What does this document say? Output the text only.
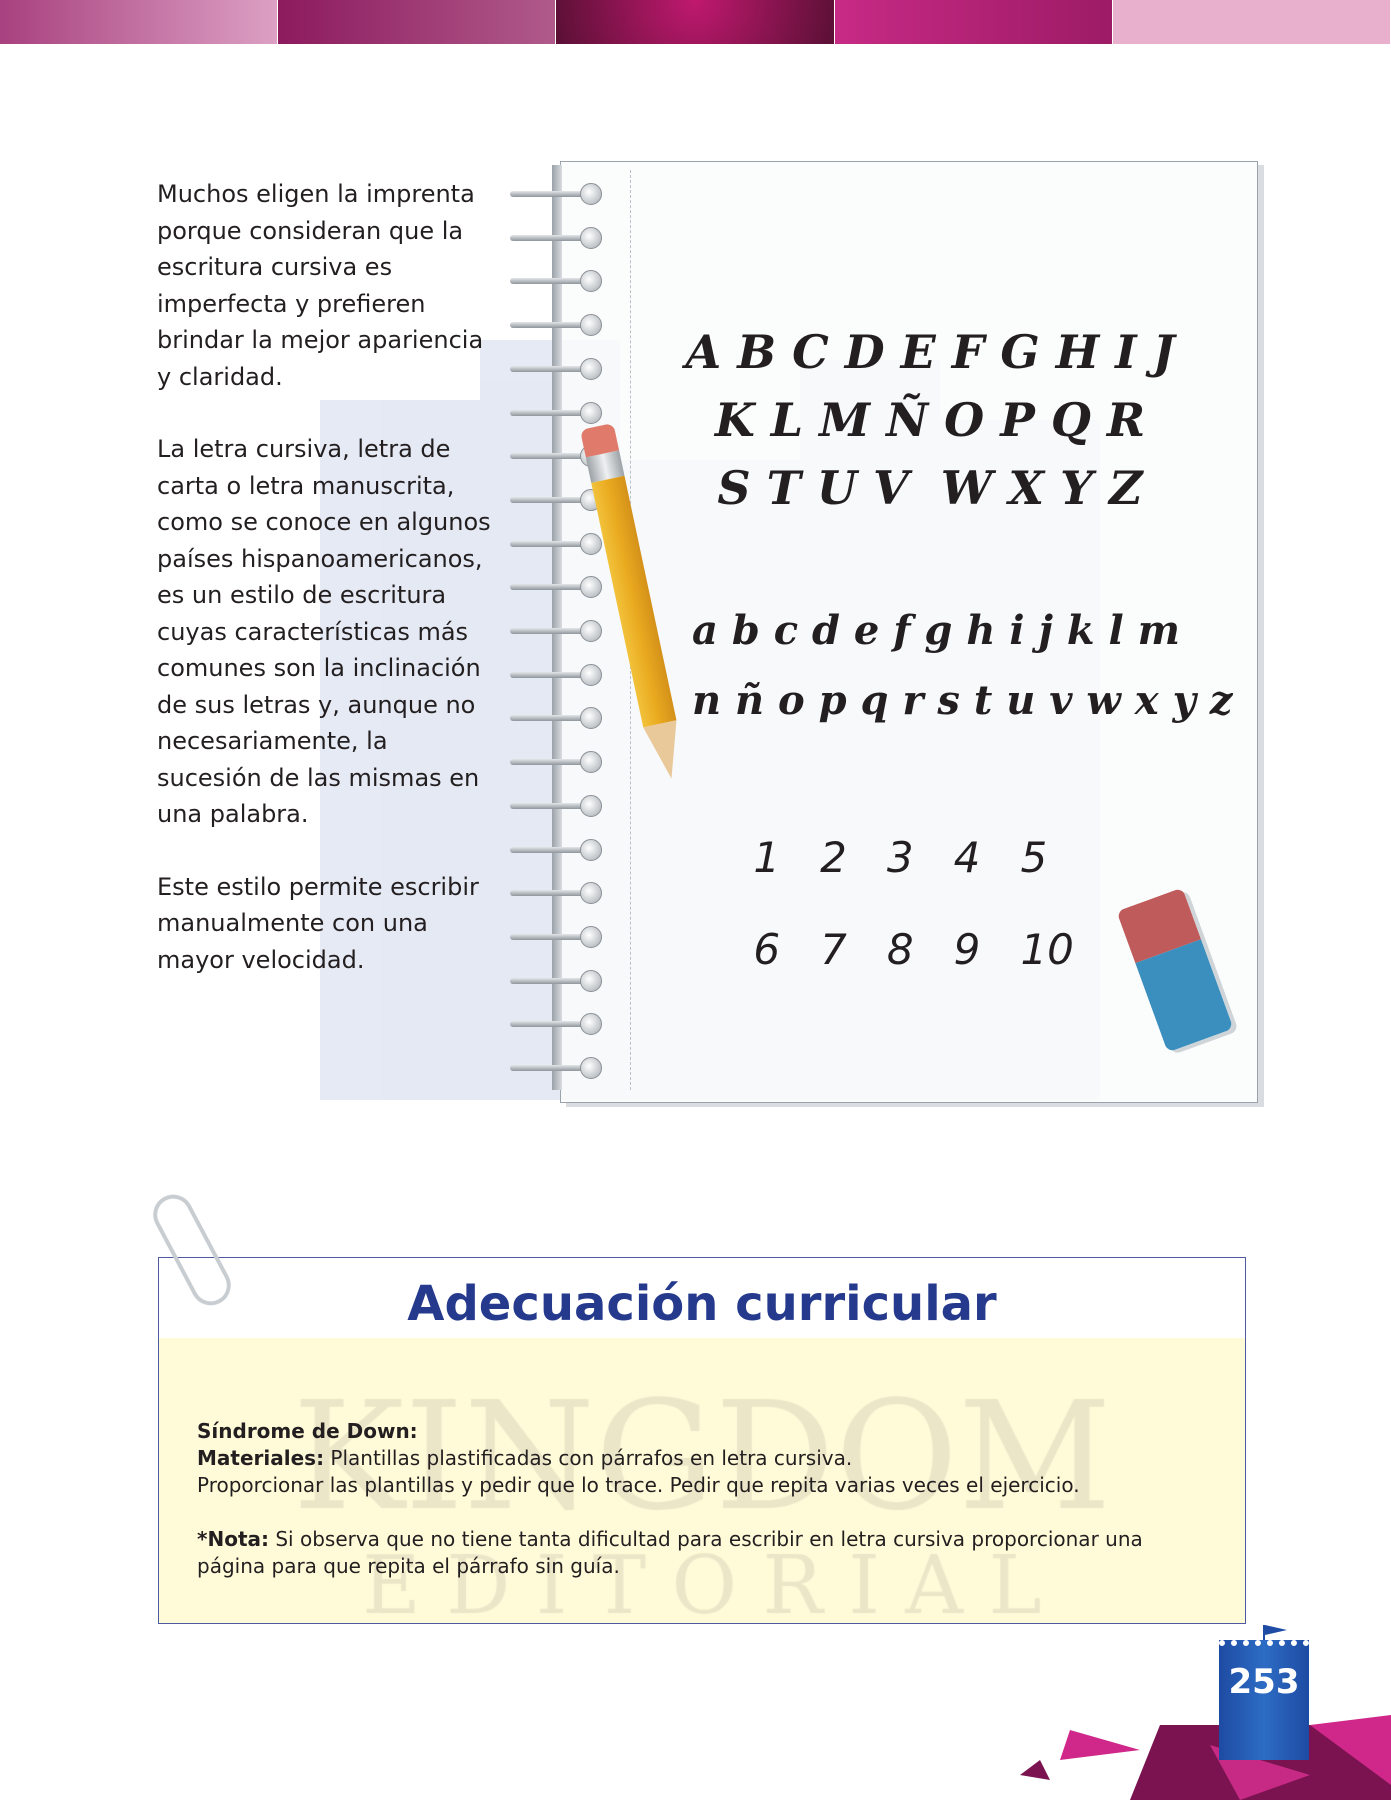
Muchos eligen la imprenta porque consideran que la escritura cursiva es imperfecta y prefieren brindar la mejor apariencia y claridad.

La letra cursiva, letra de carta o letra manuscrita, como se conoce en algunos países hispanoamericanos, es un estilo de escritura cuyas características más comunes son la inclinación de sus letras y, aunque no necesariamente, la sucesión de las mismas en una palabra.

Este estilo permite escribir manualmente con una mayor velocidad.

A B C D E F G H I J
K L M Ñ O P Q R
S T U V  W X Y Z
a b c d e f g h i j k l m
n ñ o p q r s t u v w x y z
1   2   3   4   5
6   7   8   9   10
Adecuación curricular
Síndrome de Down:
Materiales: Plantillas plastificadas con párrafos en letra cursiva.
Proporcionar las plantillas y pedir que lo trace. Pedir que repita varias veces el ejercicio.
*Nota: Si observa que no tiene tanta dificultad para escribir en letra cursiva proporcionar una página para que repita el párrafo sin guía.
253
